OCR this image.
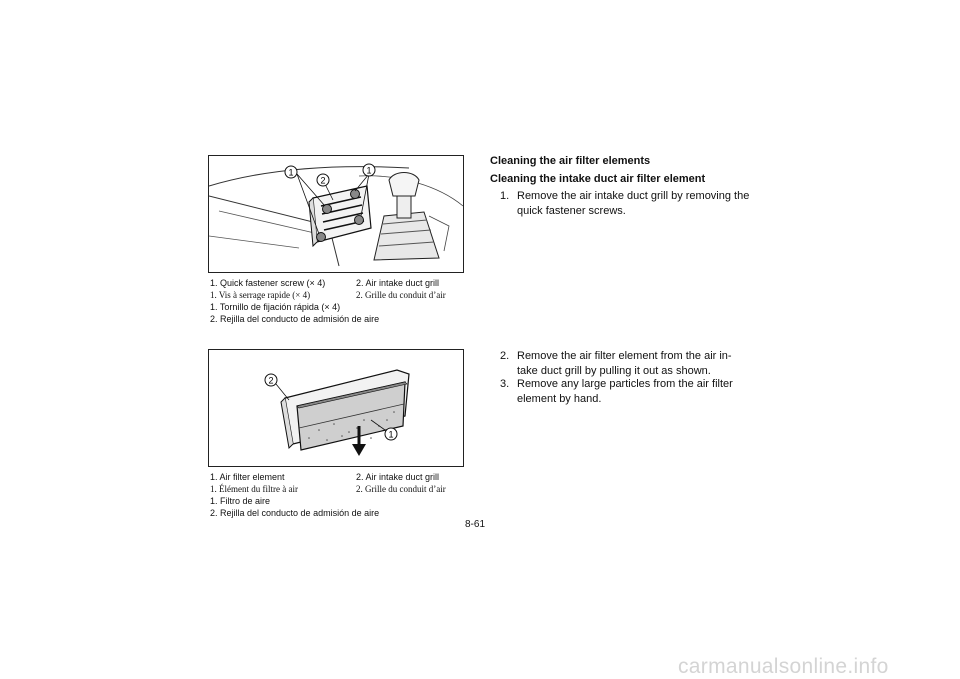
1
2
1
1. Quick fastener screw (× 4)	2. Air intake duct grill
1. Vis à serrage rapide (× 4)	2. Grille du conduit d’air
1. Tornillo de fijación rápida (× 4)
2. Rejilla del conducto de admisión de aire
2
1
1. Air filter element	2. Air intake duct grill
1. Élément du filtre à air	2. Grille du conduit d’air
1. Filtro de aire
2. Rejilla del conducto de admisión de aire
Cleaning the air filter elements
Cleaning the intake duct air filter element
1. Remove the air intake duct grill by removing the quick fastener screws.
2. Remove the air filter element from the air in-take duct grill by pulling it out as shown.
3. Remove any large particles from the air filter element by hand.
8-61
carmanualsonline.info
